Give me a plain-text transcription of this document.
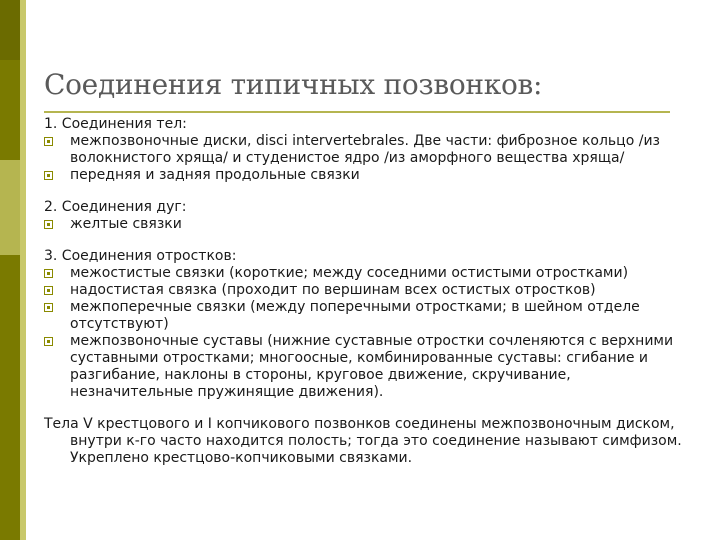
Соединения типичных позвонков:

1. Соединения тел:

межпозвоночные диски, disci intervertebrales. Две части: фиброзное кольцо /из волокнистого хряща/ и студенистое ядро /из аморфного вещества хряща/
передняя и задняя продольные связки

2. Соединения дуг:

желтые связки

3. Соединения отростков:

межостистые связки (короткие; между соседними остистыми отростками)
надостистая связка (проходит по вершинам всех остистых отростков)
межпоперечные связки (между поперечными отростками; в шейном отделе отсутствуют)
межпозвоночные суставы (нижние суставные отростки сочленяются с верхними суставными отростками; многоосные, комбинированные суставы: сгибание и разгибание, наклоны в стороны, круговое движение, скручивание, незначительные пружинящие движения).

Тела V крестцового и I копчикового позвонков соединены межпозвоночным диском, внутри к-го часто находится полость; тогда это соединение называют симфизом. Укреплено крестцово-копчиковыми связками.
